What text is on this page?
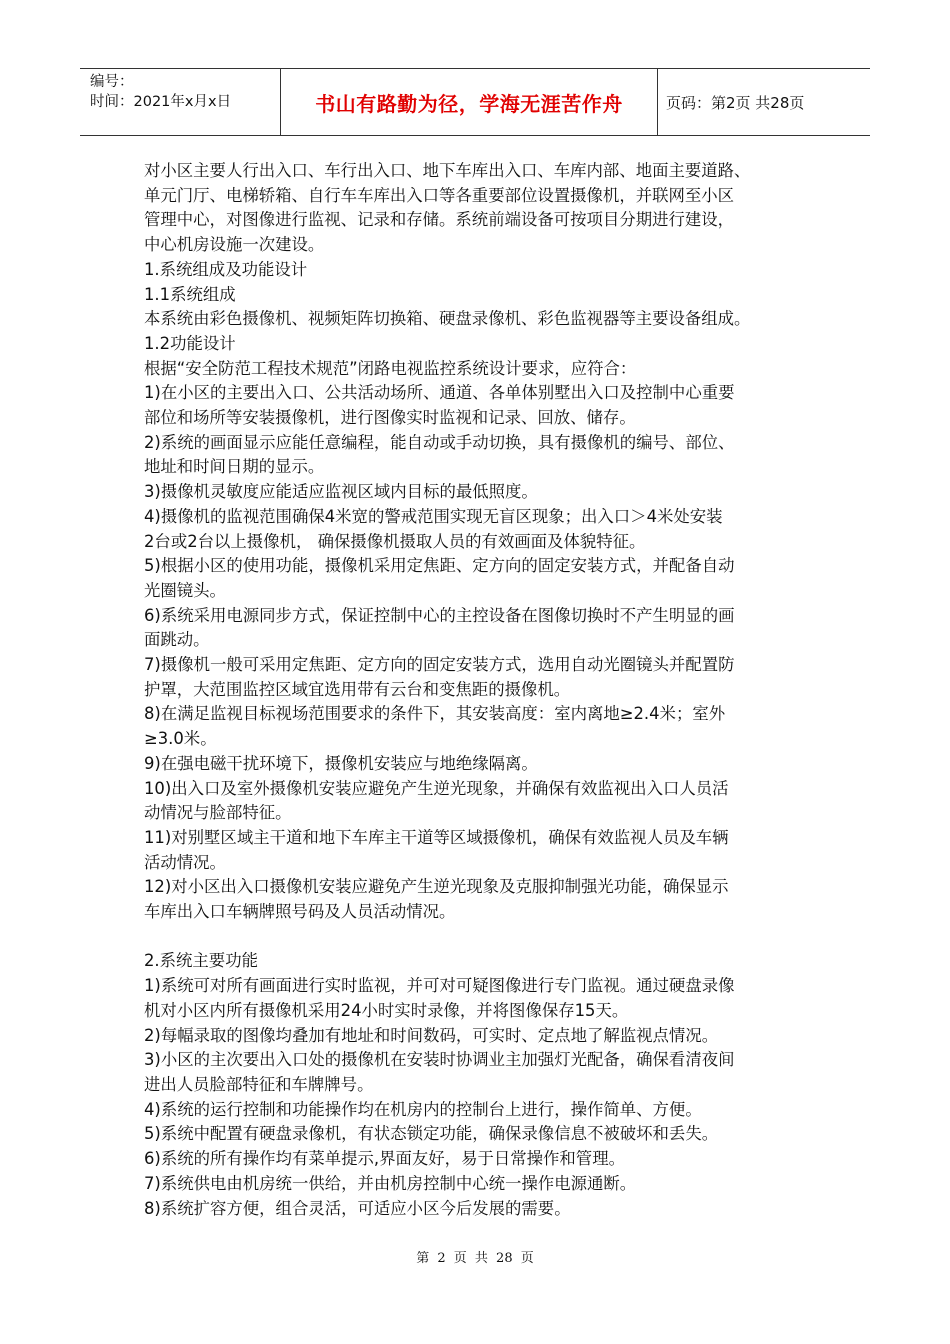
编号：
时间：2021年x月x日	书山有路勤为径，学海无涯苦作舟	页码：第2页 共28页

对小区主要人行出入口、车行出入口、地下车库出入口、车库内部、地面主要道路、

单元门厅、电梯轿箱、自行车车库出入口等各重要部位设置摄像机，并联网至小区

管理中心，对图像进行监视、记录和存储。系统前端设备可按项目分期进行建设，

中心机房设施一次建设。

1.系统组成及功能设计

1.1系统组成

本系统由彩色摄像机、视频矩阵切换箱、硬盘录像机、彩色监视器等主要设备组成。

1.2功能设计

根据“安全防范工程技术规范”闭路电视监控系统设计要求，应符合：

1)在小区的主要出入口、公共活动场所、通道、各单体别墅出入口及控制中心重要

部位和场所等安装摄像机，进行图像实时监视和记录、回放、储存。

2)系统的画面显示应能任意编程，能自动或手动切换，具有摄像机的编号、部位、

地址和时间日期的显示。

3)摄像机灵敏度应能适应监视区域内目标的最低照度。

4)摄像机的监视范围确保4米宽的警戒范围实现无盲区现象；出入口＞4米处安装

2台或2台以上摄像机， 确保摄像机摄取人员的有效画面及体貌特征。

5)根据小区的使用功能，摄像机采用定焦距、定方向的固定安装方式，并配备自动

光圈镜头。

6)系统采用电源同步方式，保证控制中心的主控设备在图像切换时不产生明显的画

面跳动。

7)摄像机一般可采用定焦距、定方向的固定安装方式，选用自动光圈镜头并配置防

护罩，大范围监控区域宜选用带有云台和变焦距的摄像机。

8)在满足监视目标视场范围要求的条件下，其安装高度：室内离地≥2.4米；室外

≥3.0米。

9)在强电磁干扰环境下，摄像机安装应与地绝缘隔离。

10)出入口及室外摄像机安装应避免产生逆光现象，并确保有效监视出入口人员活

动情况与脸部特征。

11)对别墅区域主干道和地下车库主干道等区域摄像机，确保有效监视人员及车辆

活动情况。

12)对小区出入口摄像机安装应避免产生逆光现象及克服抑制强光功能，确保显示

车库出入口车辆牌照号码及人员活动情况。

2.系统主要功能

1)系统可对所有画面进行实时监视，并可对可疑图像进行专门监视。通过硬盘录像

机对小区内所有摄像机采用24小时实时录像，并将图像保存15天。

2)每幅录取的图像均叠加有地址和时间数码，可实时、定点地了解监视点情况。

3)小区的主次要出入口处的摄像机在安装时协调业主加强灯光配备，确保看清夜间

进出人员脸部特征和车牌牌号。

4)系统的运行控制和功能操作均在机房内的控制台上进行，操作简单、方便。

5)系统中配置有硬盘录像机，有状态锁定功能，确保录像信息不被破坏和丢失。

6)系统的所有操作均有菜单提示,界面友好，易于日常操作和管理。

7)系统供电由机房统一供给，并由机房控制中心统一操作电源通断。

8)系统扩容方便，组合灵活，可适应小区今后发展的需要。

第 2 页 共 28 页
